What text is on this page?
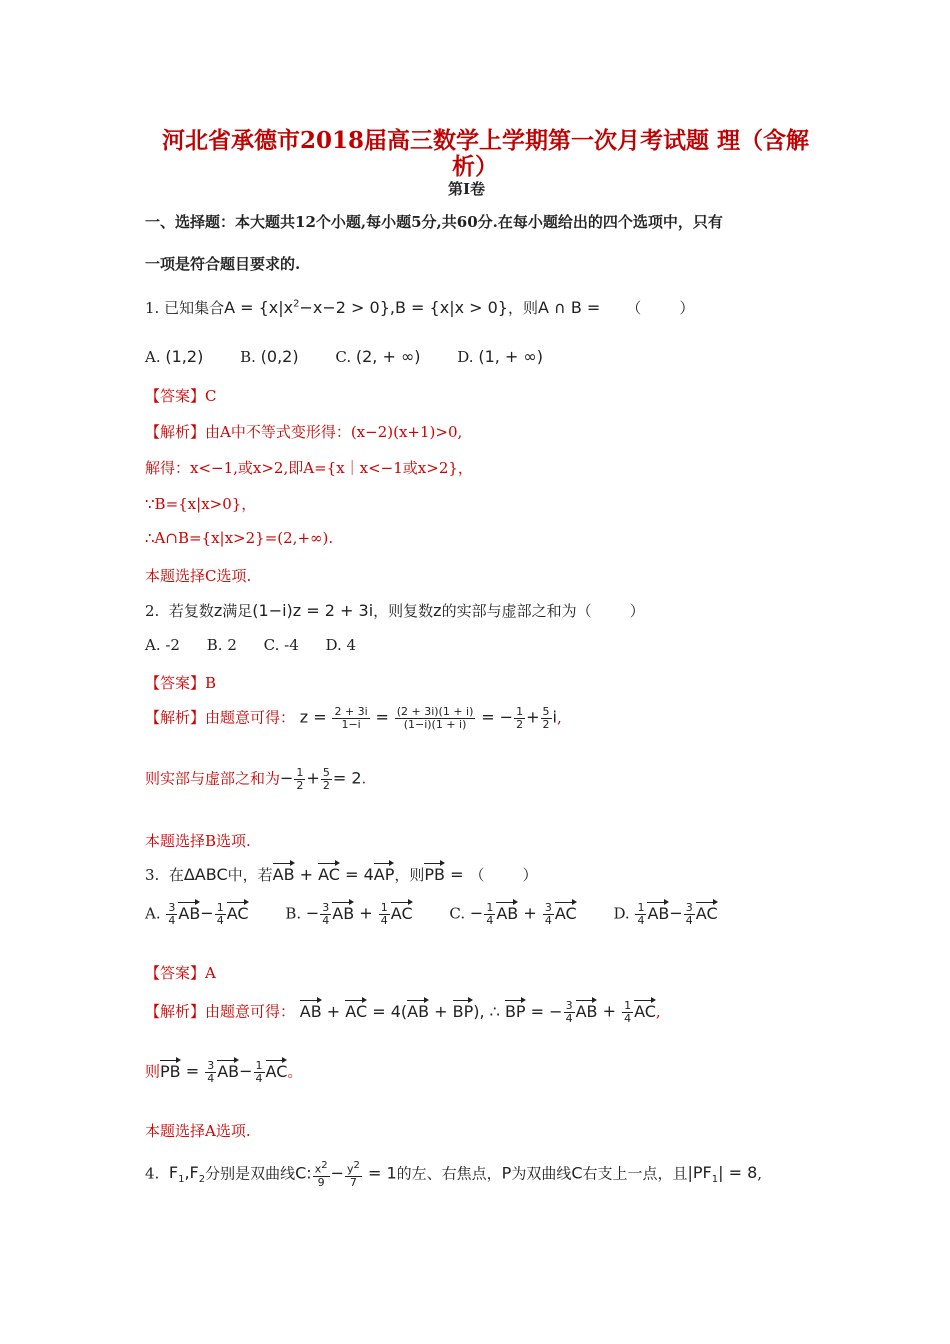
河北省承德市2018届高三数学上学期第一次月考试题 理（含解
析）
第Ⅰ卷
一、选择题：本大题共12个小题,每小题5分,共60分.在每小题给出的四个选项中，只有
一项是符合题目要求的.
1. 已知集合$A = \{x|x^2-x-2 > 0\},B = \{x|x > 0\}$，则A ∩ B = （	）
A. (1,2) B. (0,2) C. (2, + ∞) D. (1, + ∞)
【答案】C
【解析】由A中不等式变形得：(x−2)(x+1)>0,
解得：x<−1,或x>2,即A={x｜x<−1或x>2}，
∵B={x|x>0}，
∴A∩B={x|x>2}=(2,+∞).
本题选择C选项.
2.  若复数z满足(1−i)z = 2 + 3i，则复数z的实部与虚部之和为（	）
A. -2 B. 2 C. -4 D. 4
【答案】B
【解析】由题意可得： $z = \frac{2 + 3i}{1-i} = \frac{(2 + 3i)(1 + i)}{(1-i)(1 + i)}$ = − $\frac{1}{2} + \frac{5}{2} i$,
则实部与虚部之和为− $\frac{1}{2} + \frac{5}{2} = 2$.
本题选择B选项.
3.  在ΔABC中，若AB + AC = 4AP，则PB = （	）
A. $\frac{3}{4} AB- \frac{1}{4}$ AC B. − $\frac{3}{4}$ AB + $\frac{1}{4}$ AC C. − $\frac{1}{4}$ AB + $\frac{3}{4}$ AC D. $\frac{1}{4} AB- \frac{3}{4}$ AC
【答案】A
【解析】由题意可得： AB + AC = 4(AB + BP), ∴ BP = − $\frac{3}{4}$ AB + $\frac{1}{4}$ AC,
则PB = $\frac{3}{4} AB- \frac{1}{4}$ AC。
本题选择A选项.
4.  $F_1,F_2$分别是双曲线C: $\frac{x^2}{9} - \frac{y^2}{7} = 1$的左、右焦点，P为双曲线C右支上一点，且$|PF_1| = 8$,
